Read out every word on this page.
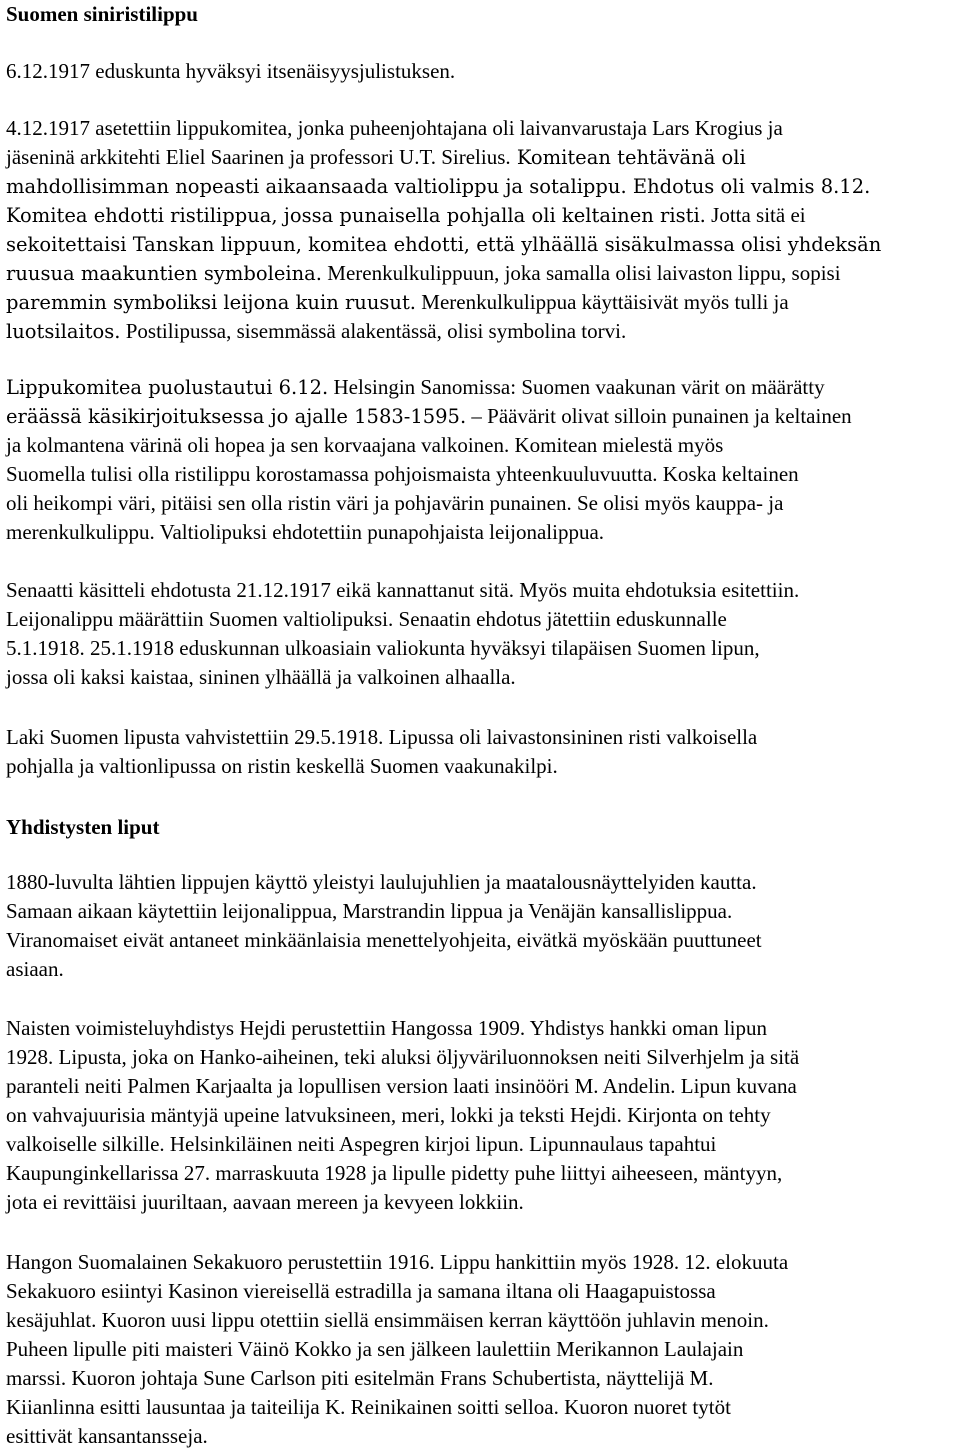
Suomen siniristilippu

6.12.1917 eduskunta hyväksyi itsenäisyysjulistuksen.

4.12.1917 asetettiin lippukomitea, jonka puheenjohtajana oli laivanvarustaja Lars Krogius ja
jäseninä arkkitehti Eliel Saarinen ja professori U.T. Sirelius. Komitean tehtävänä oli
mahdollisimman nopeasti aikaansaada valtiolippu ja sotalippu. Ehdotus oli valmis 8.12.
Komitea ehdotti ristilippua, jossa punaisella pohjalla oli keltainen risti. Jotta sitä ei
sekoitettaisi Tanskan lippuun, komitea ehdotti, että ylhäällä sisäkulmassa olisi yhdeksän
ruusua maakuntien symboleina. Merenkulkulippuun, joka samalla olisi laivaston lippu, sopisi
paremmin symboliksi leijona kuin ruusut. Merenkulkulippua käyttäisivät myös tulli ja
luotsilaitos. Postilipussa, sisemmässä alakentässä, olisi symbolina torvi.

Lippukomitea puolustautui 6.12. Helsingin Sanomissa: Suomen vaakunan värit on määrätty
eräässä käsikirjoituksessa jo ajalle 1583-1595. – Päävärit olivat silloin punainen ja keltainen
ja kolmantena värinä oli hopea ja sen korvaajana valkoinen. Komitean mielestä myös
Suomella tulisi olla ristilippu korostamassa pohjoismaista yhteenkuuluvuutta. Koska keltainen
oli heikompi väri, pitäisi sen olla ristin väri ja pohjavärin punainen. Se olisi myös kauppa- ja
merenkulkulippu. Valtiolipuksi ehdotettiin punapohjaista leijonalippua.

Senaatti käsitteli ehdotusta 21.12.1917 eikä kannattanut sitä. Myös muita ehdotuksia esitettiin.
Leijonalippu määrättiin Suomen valtiolipuksi. Senaatin ehdotus jätettiin eduskunnalle
5.1.1918. 25.1.1918 eduskunnan ulkoasiain valiokunta hyväksyi tilapäisen Suomen lipun,
jossa oli kaksi kaistaa, sininen ylhäällä ja valkoinen alhaalla.

Laki Suomen lipusta vahvistettiin 29.5.1918. Lipussa oli laivastonsininen risti valkoisella
pohjalla ja valtionlipussa on ristin keskellä Suomen vaakunakilpi.

Yhdistysten liput

1880-luvulta lähtien lippujen käyttö yleistyi laulujuhlien ja maatalousnäyttelyiden kautta.
Samaan aikaan käytettiin leijonalippua, Marstrandin lippua ja Venäjän kansallislippua.
Viranomaiset eivät antaneet minkäänlaisia menettelyohjeita, eivätkä myöskään puuttuneet
asiaan.

Naisten voimisteluyhdistys Hejdi perustettiin Hangossa 1909. Yhdistys hankki oman lipun
1928. Lipusta, joka on Hanko-aiheinen, teki aluksi öljyväriluonnoksen neiti Silverhjelm ja sitä
paranteli neiti Palmen Karjaalta ja lopullisen version laati insinööri M. Andelin. Lipun kuvana
on vahvajuurisia mäntyjä upeine latvuksineen, meri, lokki ja teksti Hejdi. Kirjonta on tehty
valkoiselle silkille. Helsinkiläinen neiti Aspegren kirjoi lipun. Lipunnaulaus tapahtui
Kaupunginkellarissa 27. marraskuuta 1928 ja lipulle pidetty puhe liittyi aiheeseen, mäntyyn,
jota ei revittäisi juuriltaan, aavaan mereen ja kevyeen lokkiin.

Hangon Suomalainen Sekakuoro perustettiin 1916. Lippu hankittiin myös 1928. 12. elokuuta
Sekakuoro esiintyi Kasinon viereisellä estradilla ja samana iltana oli Haagapuistossa
kesäjuhlat. Kuoron uusi lippu otettiin siellä ensimmäisen kerran käyttöön juhlavin menoin.
Puheen lipulle piti maisteri Väinö Kokko ja sen jälkeen laulettiin Merikannon Laulajain
marssi. Kuoron johtaja Sune Carlson piti esitelmän Frans Schubertista, näyttelijä M.
Kiianlinna esitti lausuntaa ja taiteilija K. Reinikainen soitti selloa. Kuoron nuoret tytöt
esittivät kansantansseja.
